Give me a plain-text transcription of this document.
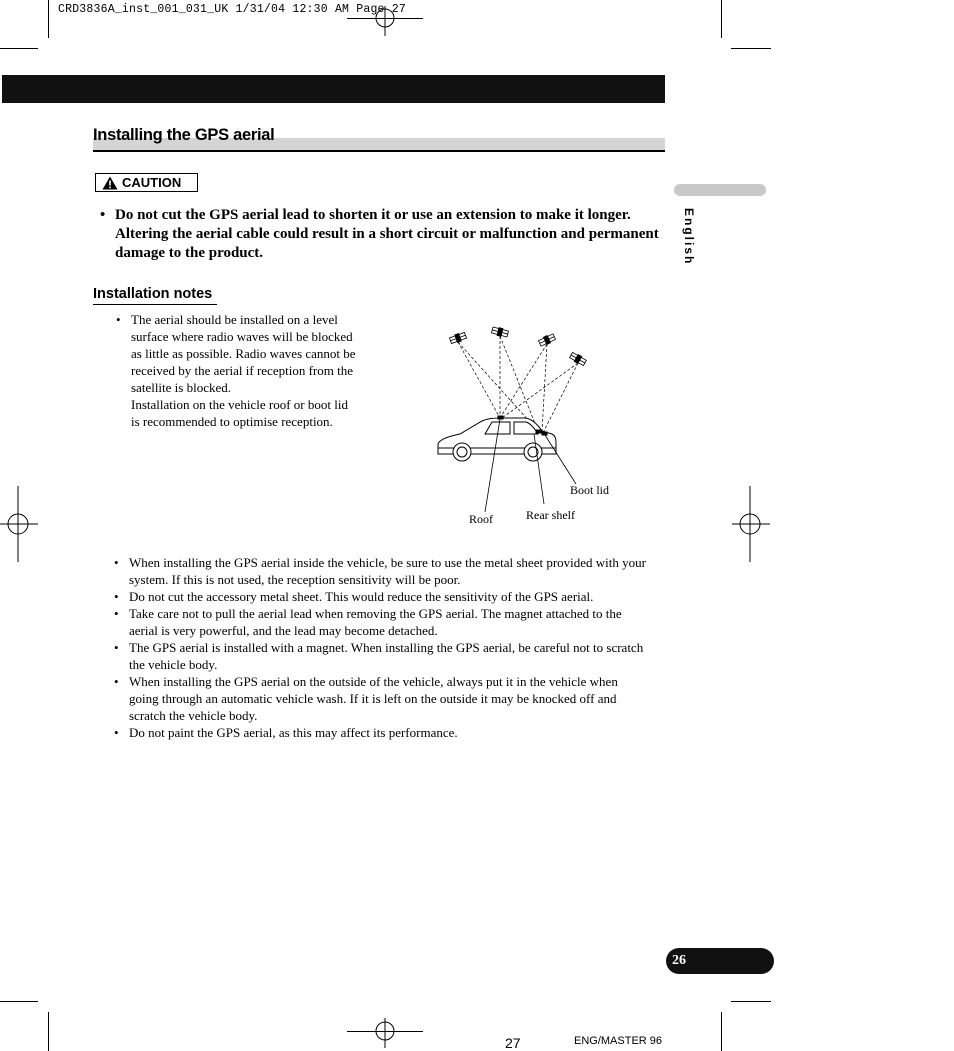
CRD3836A_inst_001_031_UK 1/31/04 12:30 AM Page 27
Installing the GPS aerial
CAUTION
• Do not cut the GPS aerial lead to shorten it or use an extension to make it longer. Altering the aerial cable could result in a short circuit or malfunction and permanent damage to the product.
Installation notes
• The aerial should be installed on a level surface where radio waves will be blocked as little as possible. Radio waves cannot be received by the aerial if reception from the satellite is blocked.
Installation on the vehicle roof or boot lid is recommended to optimise reception.
Boot lid
Roof	Rear shelf
• When installing the GPS aerial inside the vehicle, be sure to use the metal sheet provided with your system. If this is not used, the reception sensitivity will be poor.
• Do not cut the accessory metal sheet. This would reduce the sensitivity of the GPS aerial.
• Take care not to pull the aerial lead when removing the GPS aerial. The magnet attached to the aerial is very powerful, and the lead may become detached.
• The GPS aerial is installed with a magnet. When installing the GPS aerial, be careful not to scratch the vehicle body.
• When installing the GPS aerial on the outside of the vehicle, always put it in the vehicle when going through an automatic vehicle wash. If it is left on the outside it may be knocked off and scratch the vehicle body.
• Do not paint the GPS aerial, as this may affect its performance.
English
26
27	ENG/MASTER 96
